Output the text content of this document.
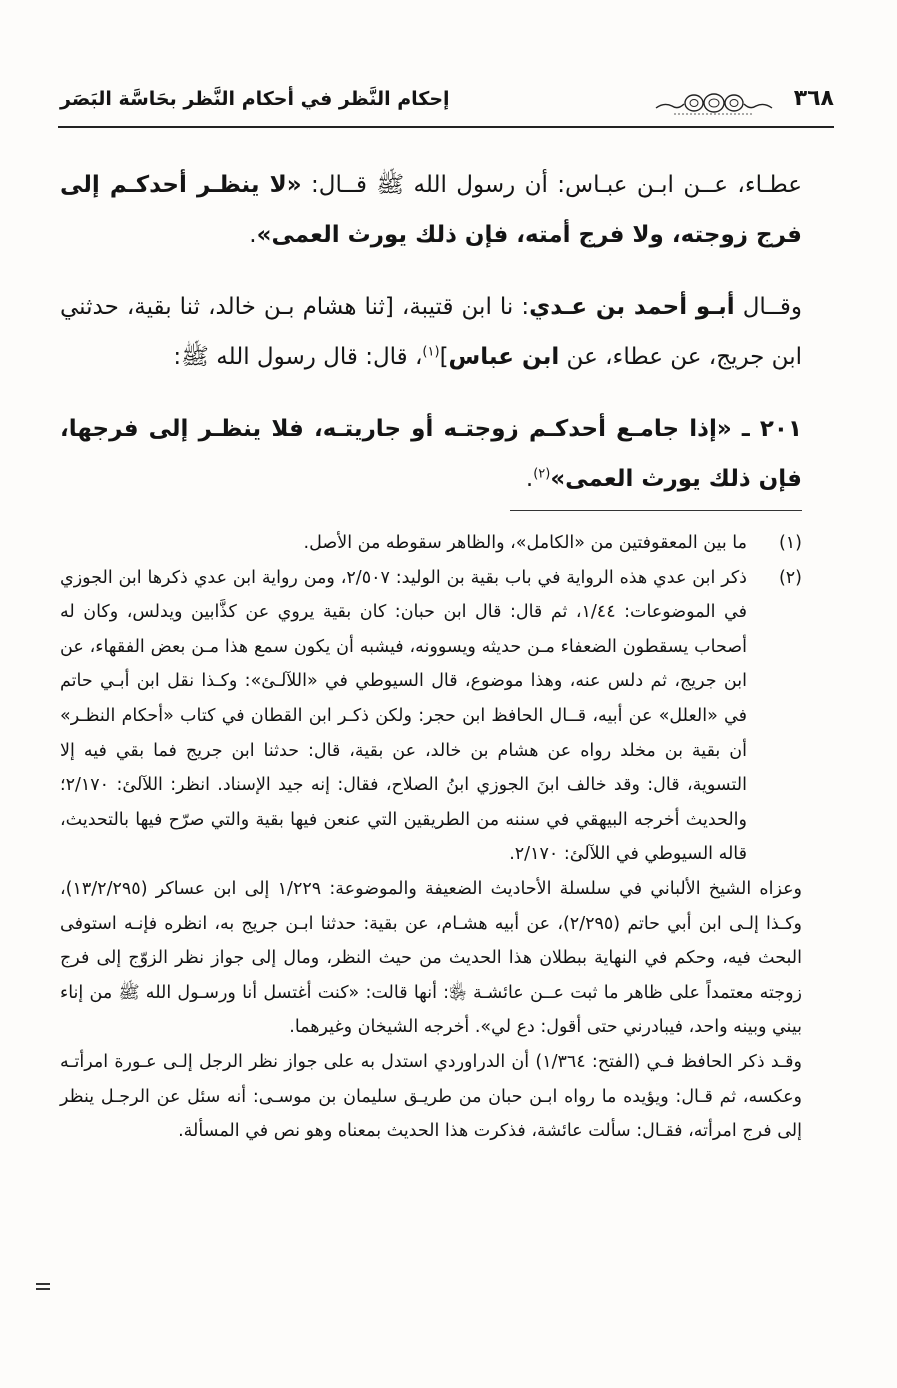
٣٦٨
إحكام النَّظر في أحكام النَّظر بحَاسَّة البَصَر

عطـاء، عــن ابـن عبـاس: أن رسول الله ﷺ قــال: «لا ينظـر أحدكـم إلى فرج زوجته، ولا فرج أمته، فإن ذلك يورث العمى».

وقــال أبـو أحمد بن عـدي: نا ابن قتيبة، [ثنا هشام بـن خالد، ثنا بقية، حدثني ابن جريج، عن عطاء، عن ابن عباس]$^{(١)}$، قال: قال رسول الله ﷺ:

٢٠١ ـ «إذا جامـع أحدكـم زوجتـه أو جاريتـه، فلا ينظـر إلى فرجها، فإن ذلك يورث العمى»$^{(٢)}$.

(١)
ما بين المعقوفتين من «الكامل»، والظاهر سقوطه من الأصل.

(٢)
ذكر ابن عدي هذه الرواية في باب بقية بن الوليد: ٢/٥٠٧، ومن رواية ابن عدي ذكرها ابن الجوزي في الموضوعات: ١/٤٤، ثم قال: قال ابن حبان: كان بقية يروي عن كذَّابين ويدلس، وكان له أصحاب يسقطون الضعفاء مـن حديثه ويسوونه، فيشبه أن يكون سمع هذا مـن بعض الفقهاء، عن ابن جريج، ثم دلس عنه، وهذا موضوع، قال السيوطي في «اللآلـئ»: وكـذا نقل ابن أبـي حاتم في «العلل» عن أبيه، قــال الحافظ ابن حجر: ولكن ذكـر ابن القطان في كتاب «أحكام النظـر» أن بقية بن مخلد رواه عن هشام بن خالد، عن بقية، قال: حدثنا ابن جريج فما بقي فيه إلا التسوية، قال: وقد خالف ابنَ الجوزي ابنُ الصلاح، فقال: إنه جيد الإسناد. انظر: اللآلئ: ٢/١٧٠؛ والحديث أخرجه البيهقي في سننه من الطريقين التي عنعن فيها بقية والتي صرّح فيها بالتحديث، قاله السيوطي في اللآلئ: ٢/١٧٠.

وعزاه الشيخ الألباني في سلسلة الأحاديث الضعيفة والموضوعة: ١/٢٢٩ إلى ابن عساكر (١٣/٢/٢٩٥)، وكـذا إلـى ابن أبي حاتم (٢/٢٩٥)، عن أبيه هشـام، عن بقية: حدثنا ابـن جريج به، انظره فإنـه استوفى البحث فيه، وحكم في النهاية ببطلان هذا الحديث من حيث النظر، ومال إلى جواز نظر الزوّج إلى فرج زوجته معتمداً على ظاهر ما ثبت عــن عائشـة ﵂: أنها قالت: «كنت أغتسل أنا ورسـول الله ﷺ من إناء بيني وبينه واحد، فيبادرني حتى أقول: دع لي». أخرجه الشيخان وغيرهما.

وقـد ذكر الحافظ فـي (الفتح: ١/٣٦٤) أن الدراوردي استدل به على جواز نظر الرجل إلـى عـورة امرأتـه وعكسه، ثم قـال: ويؤيده ما رواه ابـن حبان من طريـق سليمان بن موسـى: أنه سئل عن الرجـل ينظر إلى فرج امرأته، فقـال: سألت عائشة، فذكرت هذا الحديث بمعناه وهو نص في المسألة.
